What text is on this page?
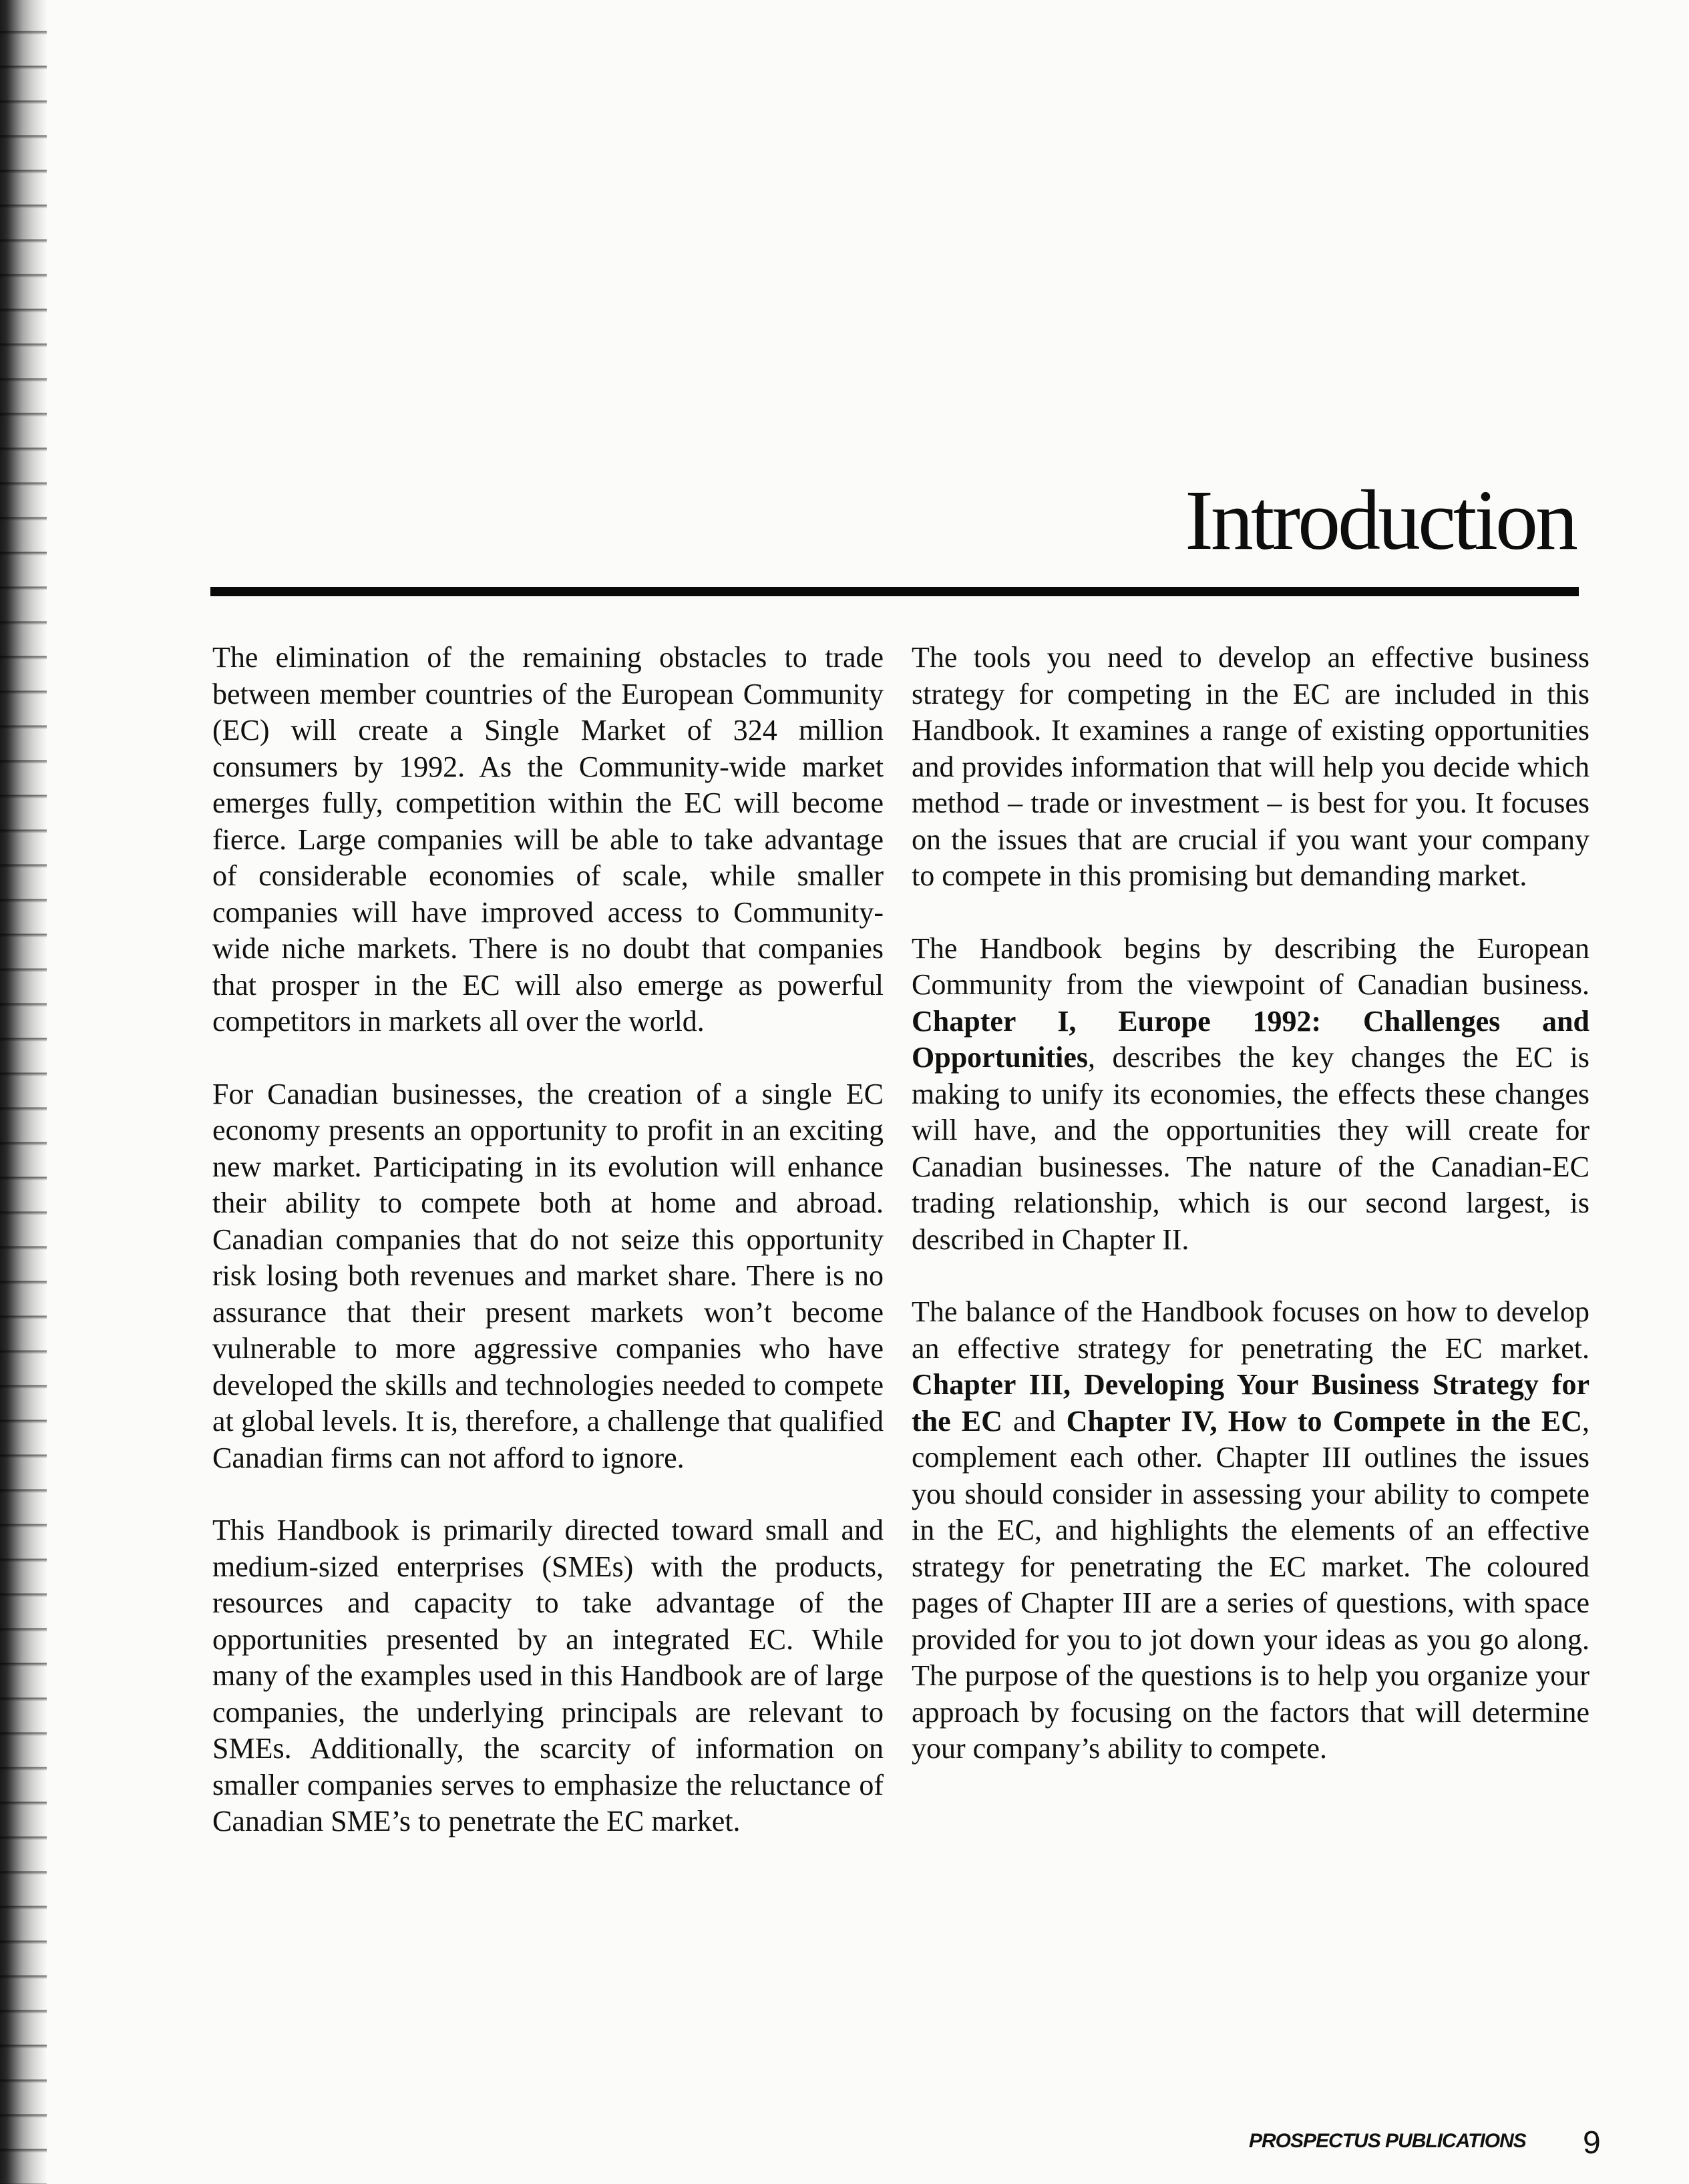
Introduction

The elimination of the remaining obstacles to trade between member countries of the European Community (EC) will create a Single Market of 324 million consumers by 1992. As the Community-wide market emerges fully, competition within the EC will become fierce. Large companies will be able to take advantage of considerable economies of scale, while smaller companies will have improved access to Community-wide niche markets. There is no doubt that companies that prosper in the EC will also emerge as powerful competitors in markets all over the world.

For Canadian businesses, the creation of a single EC economy presents an opportunity to profit in an exciting new market. Participating in its evolution will enhance their ability to compete both at home and abroad. Canadian companies that do not seize this opportunity risk losing both revenues and market share. There is no assurance that their present markets won’t become vulnerable to more aggressive companies who have developed the skills and technologies needed to compete at global levels. It is, therefore, a challenge that qualified Canadian firms can not afford to ignore.

This Handbook is primarily directed toward small and medium-sized enterprises (SMEs) with the products, resources and capacity to take advantage of the opportunities presented by an integrated EC. While many of the examples used in this Handbook are of large companies, the underlying principals are relevant to SMEs. Additionally, the scarcity of information on smaller companies serves to emphasize the reluctance of Canadian SME’s to penetrate the EC market.

The tools you need to develop an effective business strategy for competing in the EC are included in this Handbook. It examines a range of existing opportunities and provides information that will help you decide which method – trade or investment – is best for you. It focuses on the issues that are crucial if you want your company to compete in this promising but demanding market.

The Handbook begins by describing the European Community from the viewpoint of Canadian business. Chapter I, Europe 1992: Challenges and Opportunities, describes the key changes the EC is making to unify its economies, the effects these changes will have, and the opportunities they will create for Canadian businesses. The nature of the Canadian-EC trading relationship, which is our second largest, is described in Chapter II.

The balance of the Handbook focuses on how to develop an effective strategy for penetrating the EC market. Chapter III, Developing Your Business Strategy for the EC and Chapter IV, How to Compete in the EC, complement each other. Chapter III outlines the issues you should consider in assessing your ability to compete in the EC, and highlights the elements of an effective strategy for penetrating the EC market. The coloured pages of Chapter III are a series of questions, with space provided for you to jot down your ideas as you go along. The purpose of the questions is to help you organize your approach by focusing on the factors that will determine your company’s ability to compete.

PROSPECTUS PUBLICATIONS 9
